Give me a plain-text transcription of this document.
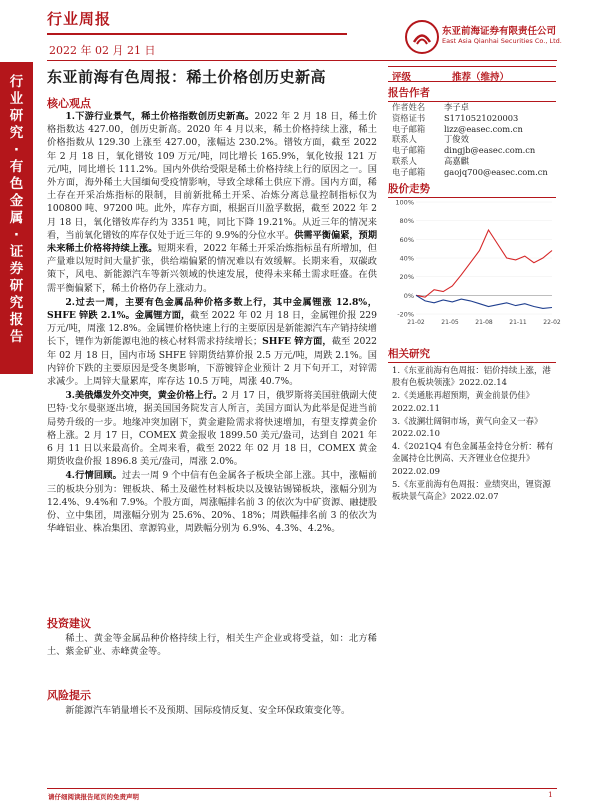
行业周报
2022 年 02 月 21 日
东亚前海证券有限责任公司
East Asia Qianhai Securities Co., Ltd.
行业研究·有色金属·证券研究报告
东亚前海有色周报：稀土价格创历史新高
核心观点

1.下游行业景气，稀土价格指数创历史新高。2022 年 2 月 18 日，稀土价格指数达 427.00，创历史新高。2020 年 4 月以来，稀土价格持续上涨，稀土价格指数从 129.30 上涨至 427.00，涨幅达 230.2%。镨钕方面，截至 2022 年 2 月 18 日，氧化镨钕 109 万元/吨，同比增长 165.9%，氧化钕报 121 万元/吨，同比增长 111.2%。国内外供给受限是稀土价格持续上行的原因之一。国外方面，海外稀土大国缅甸受疫情影响，导致全球稀土供应下滑。国内方面，稀土存在开采冶炼指标的限制，目前新批稀土开采、冶炼分离总量控制指标仅为 100800 吨、97200 吨。此外，库存方面，根据百川盈孚数据，截至 2022 年 2 月 18 日，氧化镨钕库存约为 3351 吨，同比下降 19.21%。从近三年的情况来看，当前氧化镨钕的库存仅处于近三年的 9.9%的分位水平。供需平衡偏紧，预期未来稀土价格将持续上涨。短期来看，2022 年稀土开采冶炼指标虽有所增加，但产量难以短时间大量扩张，供给端偏紧的情况难以有效缓解。长期来看，双碳政策下，风电、新能源汽车等新兴领域的快速发展，使得未来稀土需求旺盛。在供需平衡偏紧下，稀土价格仍存上涨动力。

2.过去一周，主要有色金属品种价格多数上行，其中金属锂涨 12.8%，SHFE 锌跌 2.1%。金属锂方面，截至 2022 年 02 月 18 日，金属锂价报 229 万元/吨，周涨 12.8%。金属锂价格快速上行的主要原因是新能源汽车产销持续增长下，锂作为新能源电池的核心材料需求持续增长；SHFE 锌方面，截至 2022 年 02 月 18 日，国内市场 SHFE 锌期货结算价报 2.5 万元/吨，周跌 2.1%。国内锌价下跌的主要原因是受冬奥影响，下游镀锌企业预计 2 月下旬开工，对锌需求减少。上周锌大量累库，库存达 10.5 万吨，周涨 40.7%。

3.美俄爆发外交冲突，黄金价格上行。2 月 17 日，俄罗斯将美国驻俄副大使巴特·戈尔曼驱逐出境，据美国国务院发言人所言，美国方面认为此举是促进当前局势升级的一步。地缘冲突加剧下，黄金避险需求将快速增加，有望支撑黄金价格上涨。2 月 17 日，COMEX 黄金报收 1899.50 美元/盎司，达到自 2021 年 6 月 11 日以来最高价。全周来看，截至 2022 年 02 月 18 日，COMEX 黄金期货收盘价报 1896.8 美元/盎司，周涨 2.0%。

4.行情回顾。过去一周 9 个中信有色金属各子板块全部上涨。其中，涨幅前三的板块分别为：锂板块、稀土及磁性材料板块以及镍钴锡锑板块，涨幅分别为 12.4%、9.4%和 7.9%。个股方面，周涨幅排名前 3 的依次为中矿资源、融捷股份、立中集团，周涨幅分别为 25.6%、20%、18%；周跌幅排名前 3 的依次为华峰铝业、株冶集团、章源钨业，周跌幅分别为 6.9%、4.3%、4.2%。

投资建议

稀土、黄金等金属品种价格持续上行，相关生产企业或将受益，如：北方稀土、紫金矿业、赤峰黄金等。

风险提示

新能源汽车销量增长不及预期、国际疫情反复、安全环保政策变化等。

评级	推荐（维持）
报告作者
作者姓名	李子卓
资格证书	S1710521020003
电子邮箱	lizz@easec.com.cn
联系人	丁俊效
电子邮箱	dingjb@easec.com.cn
联系人	高嘉麒
电子邮箱	gaojq700@easec.com.cn
股价走势
100%
80%
60%
40%
20%
0%
-20%
21-02	21-05	21-08	21-11	22-02
相关研究
1.《东亚前海有色周报：铝价持续上涨，港股有色板块领涨》2022.02.14
2.《美通胀再超预期，黄金前景仍佳》2022.02.11
3.《波澜壮阔铜市场，黄气向金又一春》2022.02.10
4.《2021Q4 有色金属基金持仓分析：稀有金属持仓比例高、天齐锂业仓位提升》2022.02.09
5.《东亚前海有色周报：业绩突出，锂资源板块景气高企》2022.02.07
请仔细阅读报告尾页的免责声明	1
